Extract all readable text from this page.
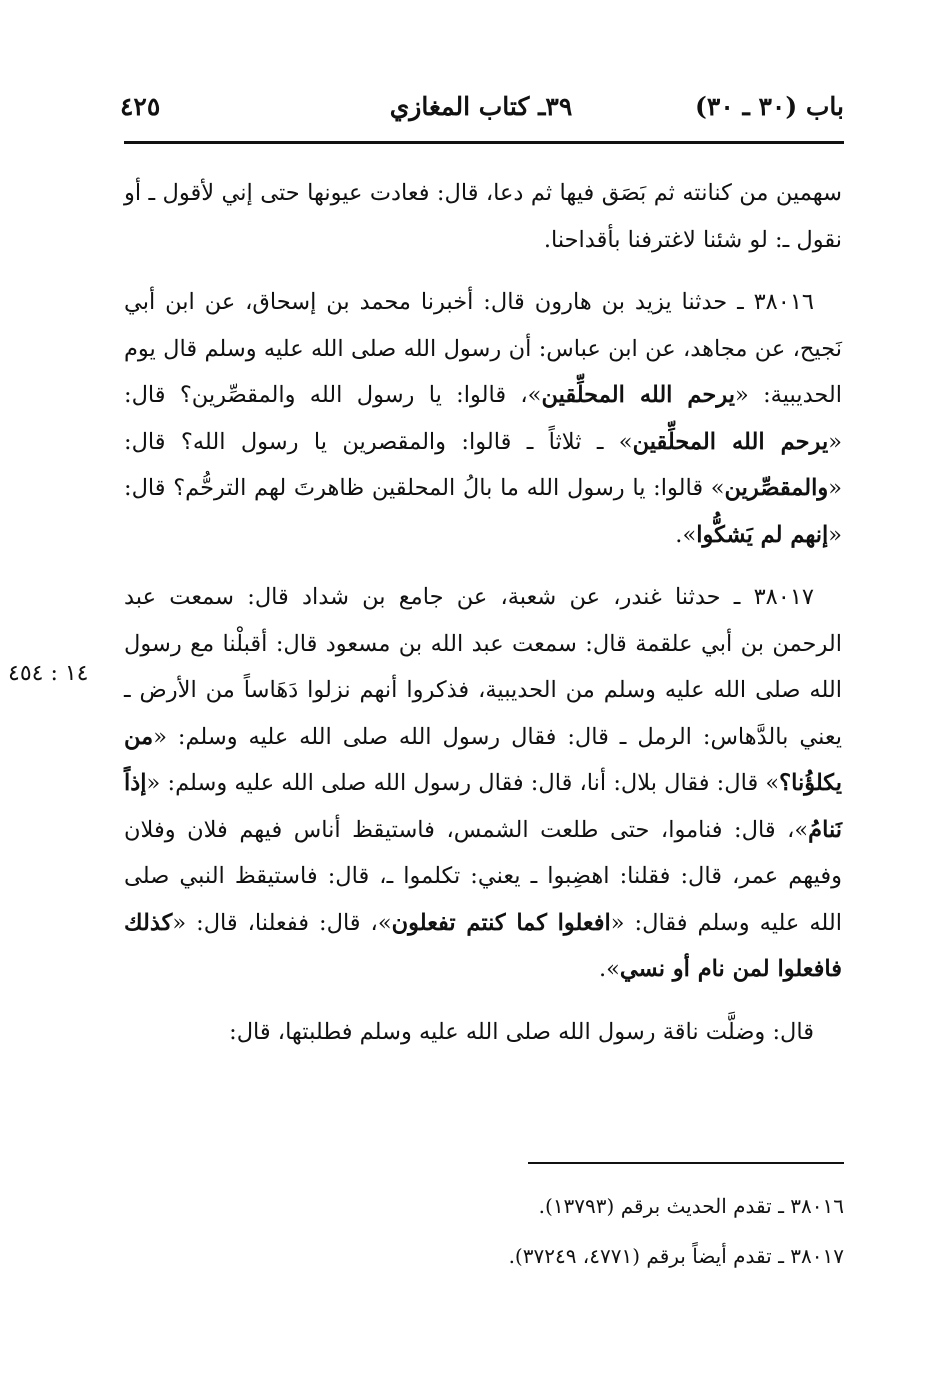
باب (٣٠ ـ ٣٠)
٣٩ـ كتاب المغازي
٤٢٥
١٤ : ٤٥٤

سهمين من كنانته ثم بَصَق فيها ثم دعا، قال: فعادت عيونها حتى إني لأقول ـ أو نقول ـ: لو شئنا لاغترفنا بأقداحنا.

٣٨٠١٦ ـ حدثنا يزيد بن هارون قال: أخبرنا محمد بن إسحاق، عن ابن أبي نَجيح، عن مجاهد، عن ابن عباس: أن رسول الله صلى الله عليه وسلم قال يوم الحديبية: «يرحم الله المحلِّقين»، قالوا: يا رسول الله والمقصِّرين؟ قال: «يرحم الله المحلِّقين» ـ ثلاثاً ـ قالوا: والمقصرين يا رسول الله؟ قال: «والمقصِّرين» قالوا: يا رسول الله ما بالُ المحلقين ظاهرتَ لهم الترحُّم؟ قال: «إنهم لم يَشكُّوا».

٣٨٠١٧ ـ حدثنا غندر، عن شعبة، عن جامع بن شداد قال: سمعت عبد الرحمن بن أبي علقمة قال: سمعت عبد الله بن مسعود قال: أقبلْنا مع رسول الله صلى الله عليه وسلم من الحديبية، فذكروا أنهم نزلوا دَهَاساً من الأرض ـ يعني بالدَّهاس: الرمل ـ قال: فقال رسول الله صلى الله عليه وسلم: «من يكلؤُنا؟» قال: فقال بلال: أنا، قال: فقال رسول الله صلى الله عليه وسلم: «إذاً نَنامُ»، قال: فناموا، حتى طلعت الشمس، فاستيقظ أناس فيهم فلان وفلان وفيهم عمر، قال: فقلنا: اهضِبوا ـ يعني: تكلموا ـ، قال: فاستيقظ النبي صلى الله عليه وسلم فقال: «افعلوا كما كنتم تفعلون»، قال: ففعلنا، قال: «كذلك فافعلوا لمن نام أو نسي».

قال: وضلَّت ناقة رسول الله صلى الله عليه وسلم فطلبتها، قال:

٣٨٠١٦ ـ تقدم الحديث برقم (١٣٧٩٣).

٣٨٠١٧ ـ تقدم أيضاً برقم (٤٧٧١، ٣٧٢٤٩).
